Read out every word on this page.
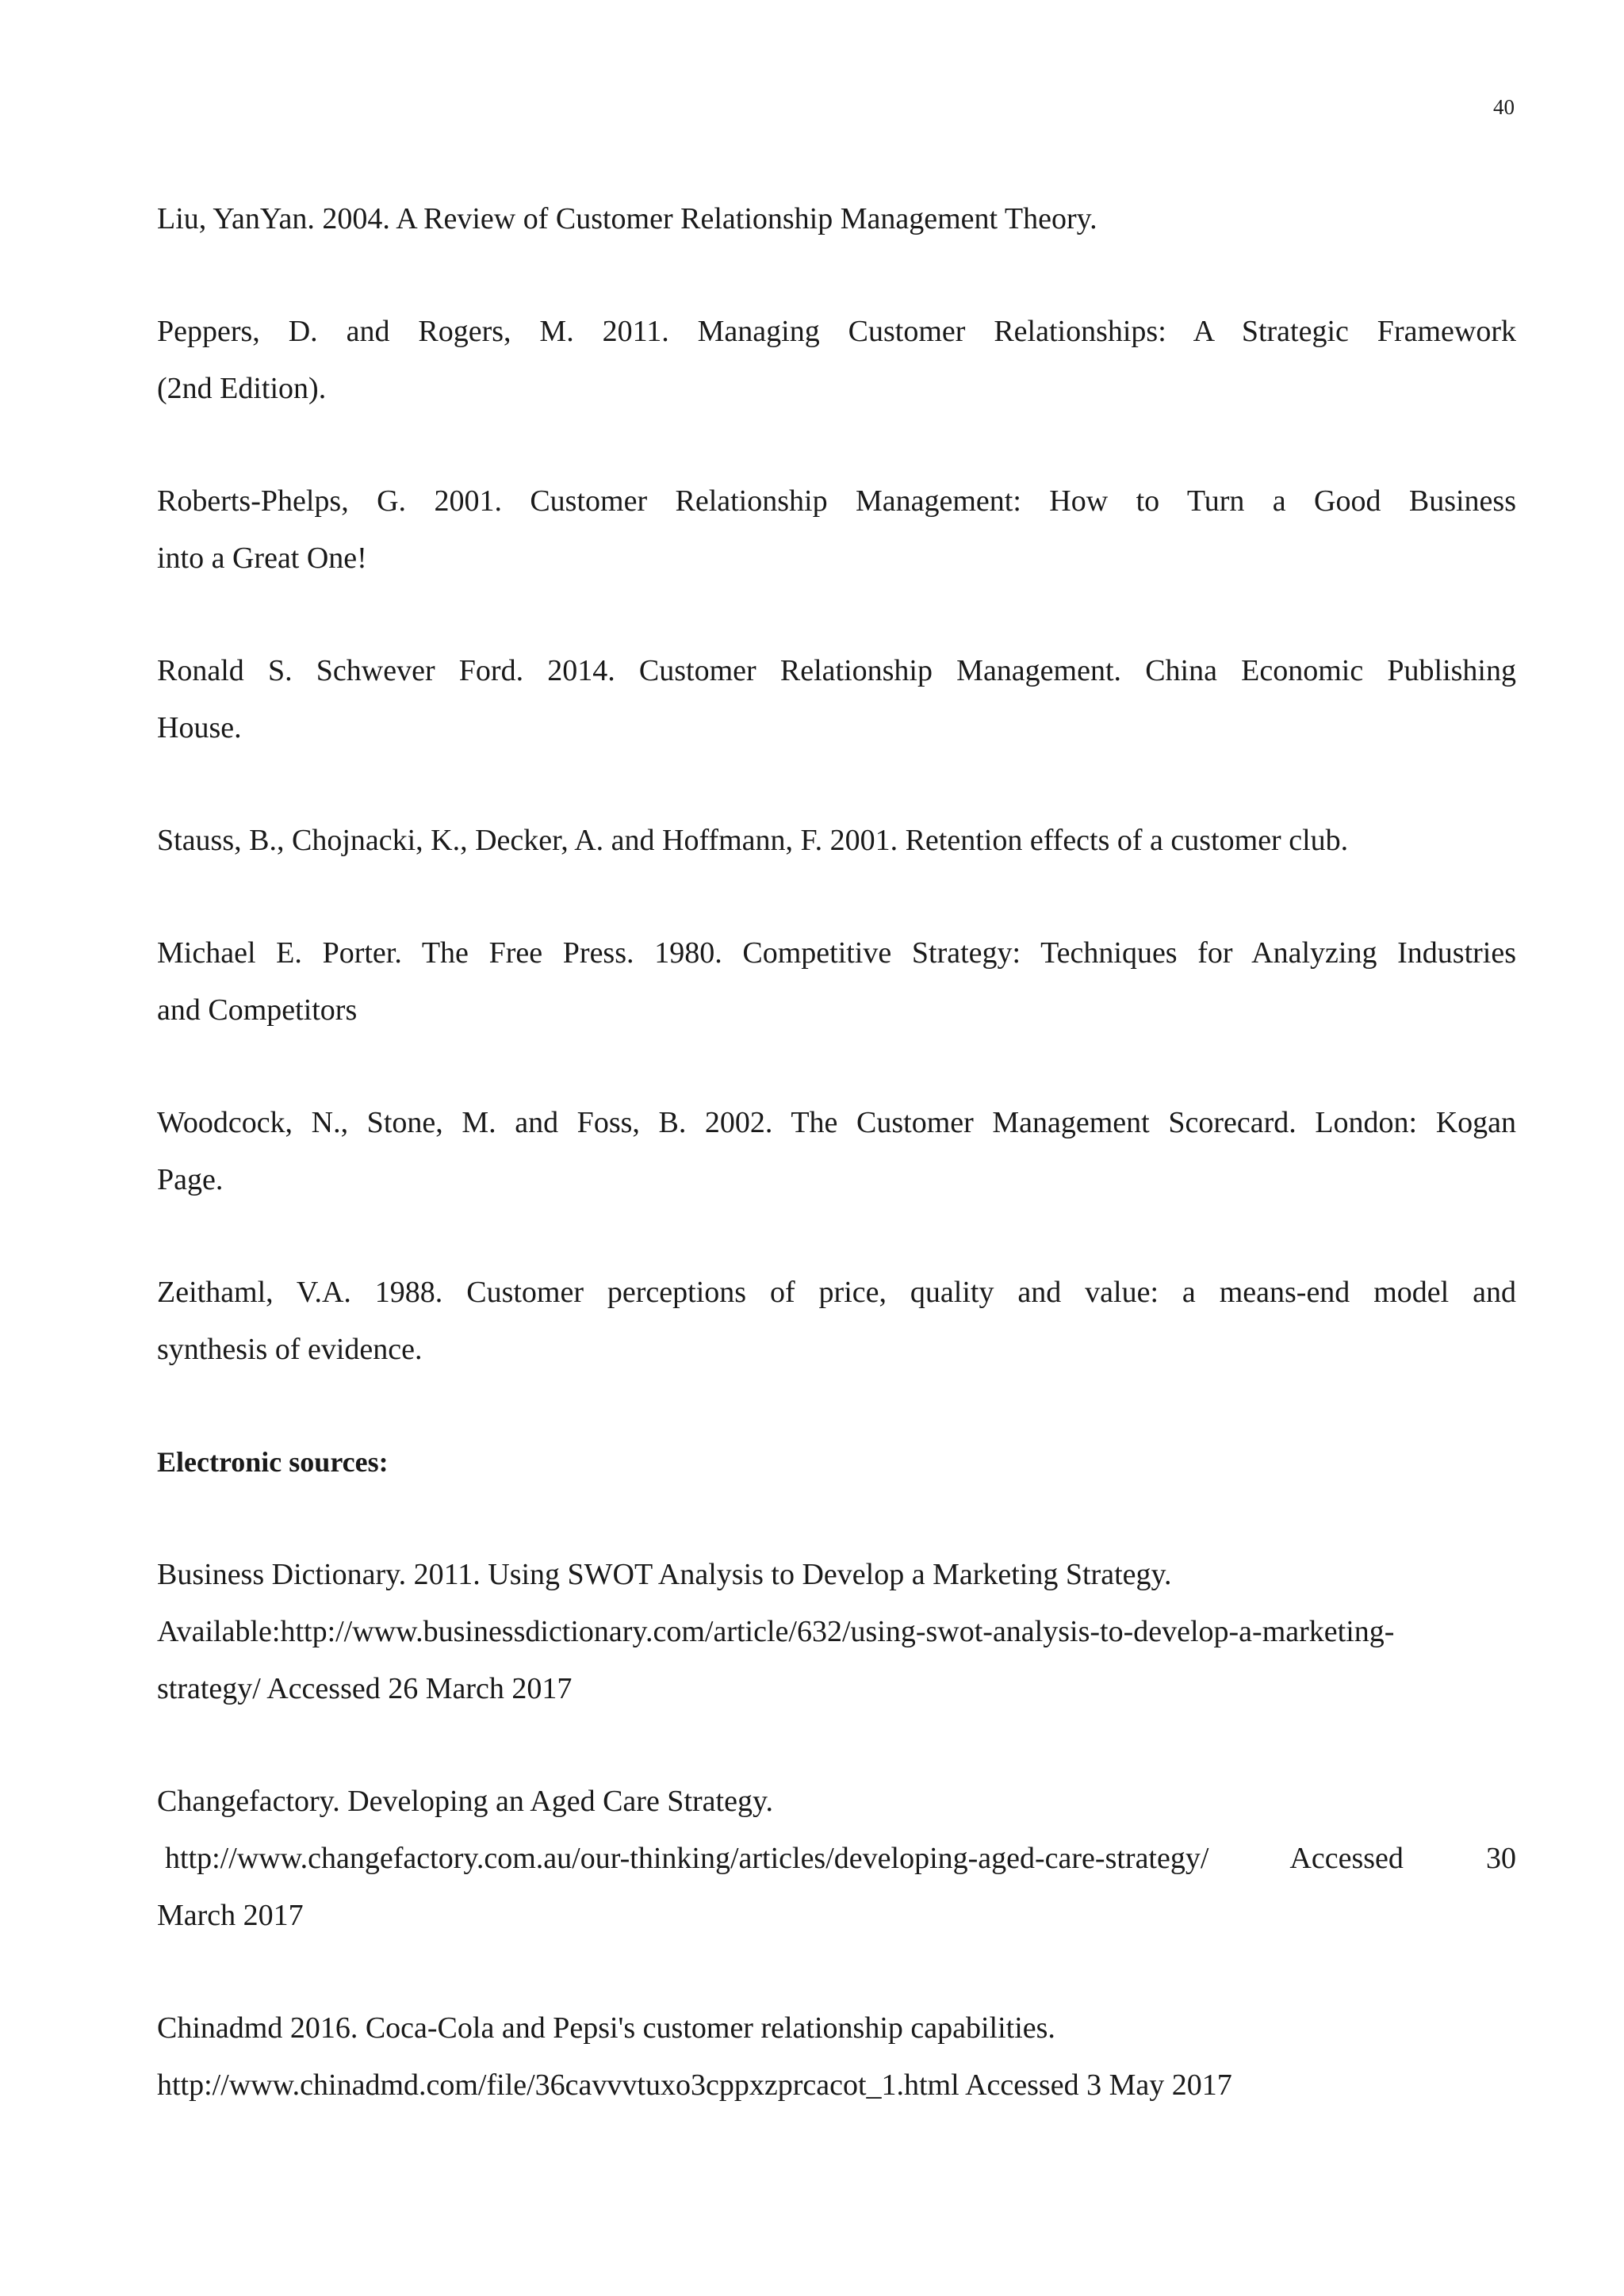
40
Liu, YanYan. 2004. A Review of Customer Relationship Management Theory.
Peppers, D. and Rogers, M. 2011. Managing Customer Relationships: A Strategic Framework
(2nd Edition).
Roberts-Phelps, G. 2001. Customer Relationship Management: How to Turn a Good Business
into a Great One!
Ronald S. Schwever Ford. 2014. Customer Relationship Management. China Economic Publishing
House.
Stauss, B., Chojnacki, K., Decker, A. and Hoffmann, F. 2001. Retention effects of a customer club.
Michael E. Porter. The Free Press. 1980. Competitive Strategy: Techniques for Analyzing Industries
and Competitors
Woodcock, N., Stone, M. and Foss, B. 2002. The Customer Management Scorecard. London: Kogan
Page.
Zeithaml, V.A. 1988. Customer perceptions of price, quality and value: a means-end model and
synthesis of evidence.
Electronic sources:
Business Dictionary. 2011. Using SWOT Analysis to Develop a Marketing Strategy.
Available:http://www.businessdictionary.com/article/632/using-swot-analysis-to-develop-a-marketing-
strategy/ Accessed 26 March 2017
Changefactory. Developing an Aged Care Strategy.
http://www.changefactory.com.au/our-thinking/articles/developing-aged-care-strategy/ Accessed 30
March 2017
Chinadmd 2016. Coca-Cola and Pepsi's customer relationship capabilities.
http://www.chinadmd.com/file/36cavvvtuxo3cppxzprcacot_1.html Accessed 3 May 2017
